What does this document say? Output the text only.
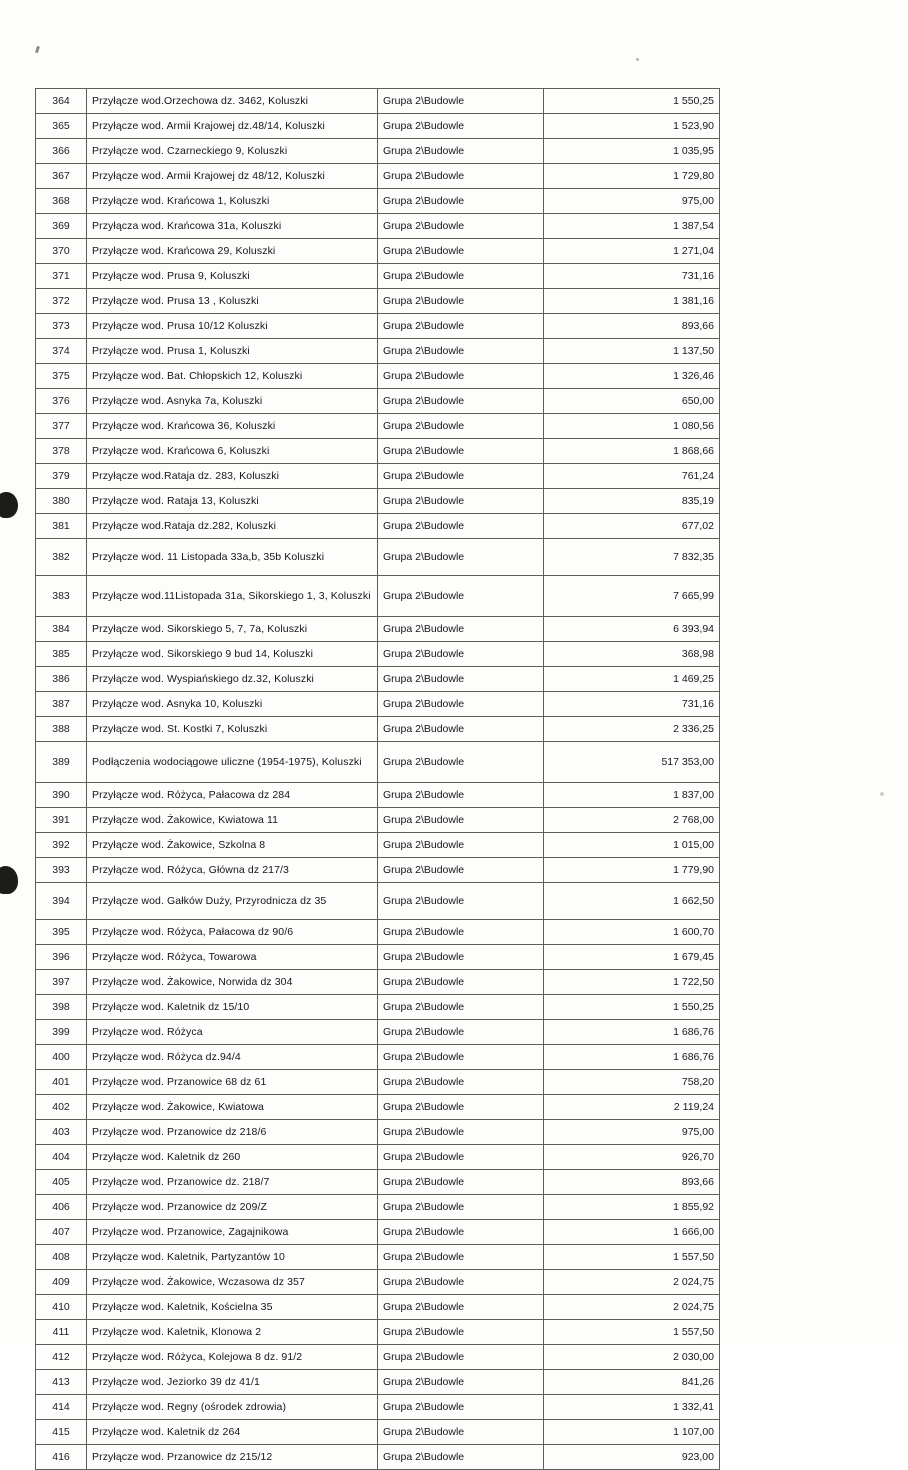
364	Przyłącze wod.Orzechowa dz. 3462, Koluszki	Grupa 2\Budowle	1 550,25
365	Przyłącze wod. Armii Krajowej dz.48/14, Koluszki	Grupa 2\Budowle	1 523,90
366	Przyłącze wod. Czarneckiego 9, Koluszki	Grupa 2\Budowle	1 035,95
367	Przyłącze wod. Armii Krajowej dz 48/12, Koluszki	Grupa 2\Budowle	1 729,80
368	Przyłącze wod. Krańcowa 1, Koluszki	Grupa 2\Budowle	975,00
369	Przyłącza wod. Krańcowa 31a, Koluszki	Grupa 2\Budowle	1 387,54
370	Przyłącze wod. Krańcowa 29, Koluszki	Grupa 2\Budowle	1 271,04
371	Przyłącze wod. Prusa 9, Koluszki	Grupa 2\Budowle	731,16
372	Przyłącze wod. Prusa 13 , Koluszki	Grupa 2\Budowle	1 381,16
373	Przyłącze wod. Prusa 10/12 Koluszki	Grupa 2\Budowle	893,66
374	Przyłącze wod. Prusa 1, Koluszki	Grupa 2\Budowle	1 137,50
375	Przyłącze wod. Bat. Chłopskich 12, Koluszki	Grupa 2\Budowle	1 326,46
376	Przyłącze wod. Asnyka 7a, Koluszki	Grupa 2\Budowle	650,00
377	Przyłącze wod. Krańcowa 36, Koluszki	Grupa 2\Budowle	1 080,56
378	Przyłącze wod. Krańcowa 6, Koluszki	Grupa 2\Budowle	1 868,66
379	Przyłącze wod.Rataja dz. 283, Koluszki	Grupa 2\Budowle	761,24
380	Przyłącze wod. Rataja 13, Koluszki	Grupa 2\Budowle	835,19
381	Przyłącze wod.Rataja dz.282, Koluszki	Grupa 2\Budowle	677,02
382	Przyłącze wod. 11 Listopada 33a,b, 35b Koluszki	Grupa 2\Budowle	7 832,35
383	Przyłącze wod.11Listopada 31a, Sikorskiego 1, 3, Koluszki	Grupa 2\Budowle	7 665,99
384	Przyłącze wod. Sikorskiego 5, 7, 7a, Koluszki	Grupa 2\Budowle	6 393,94
385	Przyłącze wod. Sikorskiego 9 bud 14, Koluszki	Grupa 2\Budowle	368,98
386	Przyłącze wod. Wyspiańskiego dz.32, Koluszki	Grupa 2\Budowle	1 469,25
387	Przyłącze wod. Asnyka 10, Koluszki	Grupa 2\Budowle	731,16
388	Przyłącze wod. St. Kostki 7, Koluszki	Grupa 2\Budowle	2 336,25
389	Podłączenia wodociągowe uliczne (1954-1975), Koluszki	Grupa 2\Budowle	517 353,00
390	Przyłącze wod. Różyca, Pałacowa dz 284	Grupa 2\Budowle	1 837,00
391	Przyłącze wod. Żakowice, Kwiatowa 11	Grupa 2\Budowle	2 768,00
392	Przyłącze wod. Żakowice, Szkolna 8	Grupa 2\Budowle	1 015,00
393	Przyłącze wod. Różyca, Główna dz 217/3	Grupa 2\Budowle	1 779,90
394	Przyłącze wod. Gałków Duży, Przyrodnicza dz 35	Grupa 2\Budowle	1 662,50
395	Przyłącze wod. Różyca, Pałacowa dz 90/6	Grupa 2\Budowle	1 600,70
396	Przyłącze wod. Różyca, Towarowa	Grupa 2\Budowle	1 679,45
397	Przyłącze wod. Żakowice, Norwida dz 304	Grupa 2\Budowle	1 722,50
398	Przyłącze wod. Kaletnik dz 15/10	Grupa 2\Budowle	1 550,25
399	Przyłącze wod. Różyca	Grupa 2\Budowle	1 686,76
400	Przyłącze wod. Różyca dz.94/4	Grupa 2\Budowle	1 686,76
401	Przyłącze wod. Przanowice 68 dz 61	Grupa 2\Budowle	758,20
402	Przyłącze wod. Żakowice, Kwiatowa	Grupa 2\Budowle	2 119,24
403	Przyłącze wod. Przanowice dz 218/6	Grupa 2\Budowle	975,00
404	Przyłącze wod. Kaletnik dz 260	Grupa 2\Budowle	926,70
405	Przyłącze wod. Przanowice dz. 218/7	Grupa 2\Budowle	893,66
406	Przyłącze wod. Przanowice dz 209/Z	Grupa 2\Budowle	1 855,92
407	Przyłącze wod. Przanowice, Zagajnikowa	Grupa 2\Budowle	1 666,00
408	Przyłącze wod. Kaletnik, Partyzantów 10	Grupa 2\Budowle	1 557,50
409	Przyłącze wod. Żakowice, Wczasowa dz 357	Grupa 2\Budowle	2 024,75
410	Przyłącze wod. Kaletnik, Kościelna 35	Grupa 2\Budowle	2 024,75
411	Przyłącze wod. Kaletnik, Klonowa 2	Grupa 2\Budowle	1 557,50
412	Przyłącze wod. Różyca, Kolejowa 8 dz. 91/2	Grupa 2\Budowle	2 030,00
413	Przyłącze wod. Jeziorko 39 dz 41/1	Grupa 2\Budowle	841,26
414	Przyłącze wod. Regny (ośrodek zdrowia)	Grupa 2\Budowle	1 332,41
415	Przyłącze wod. Kaletnik dz 264	Grupa 2\Budowle	1 107,00
416	Przyłącze wod. Przanowice dz 215/12	Grupa 2\Budowle	923,00
